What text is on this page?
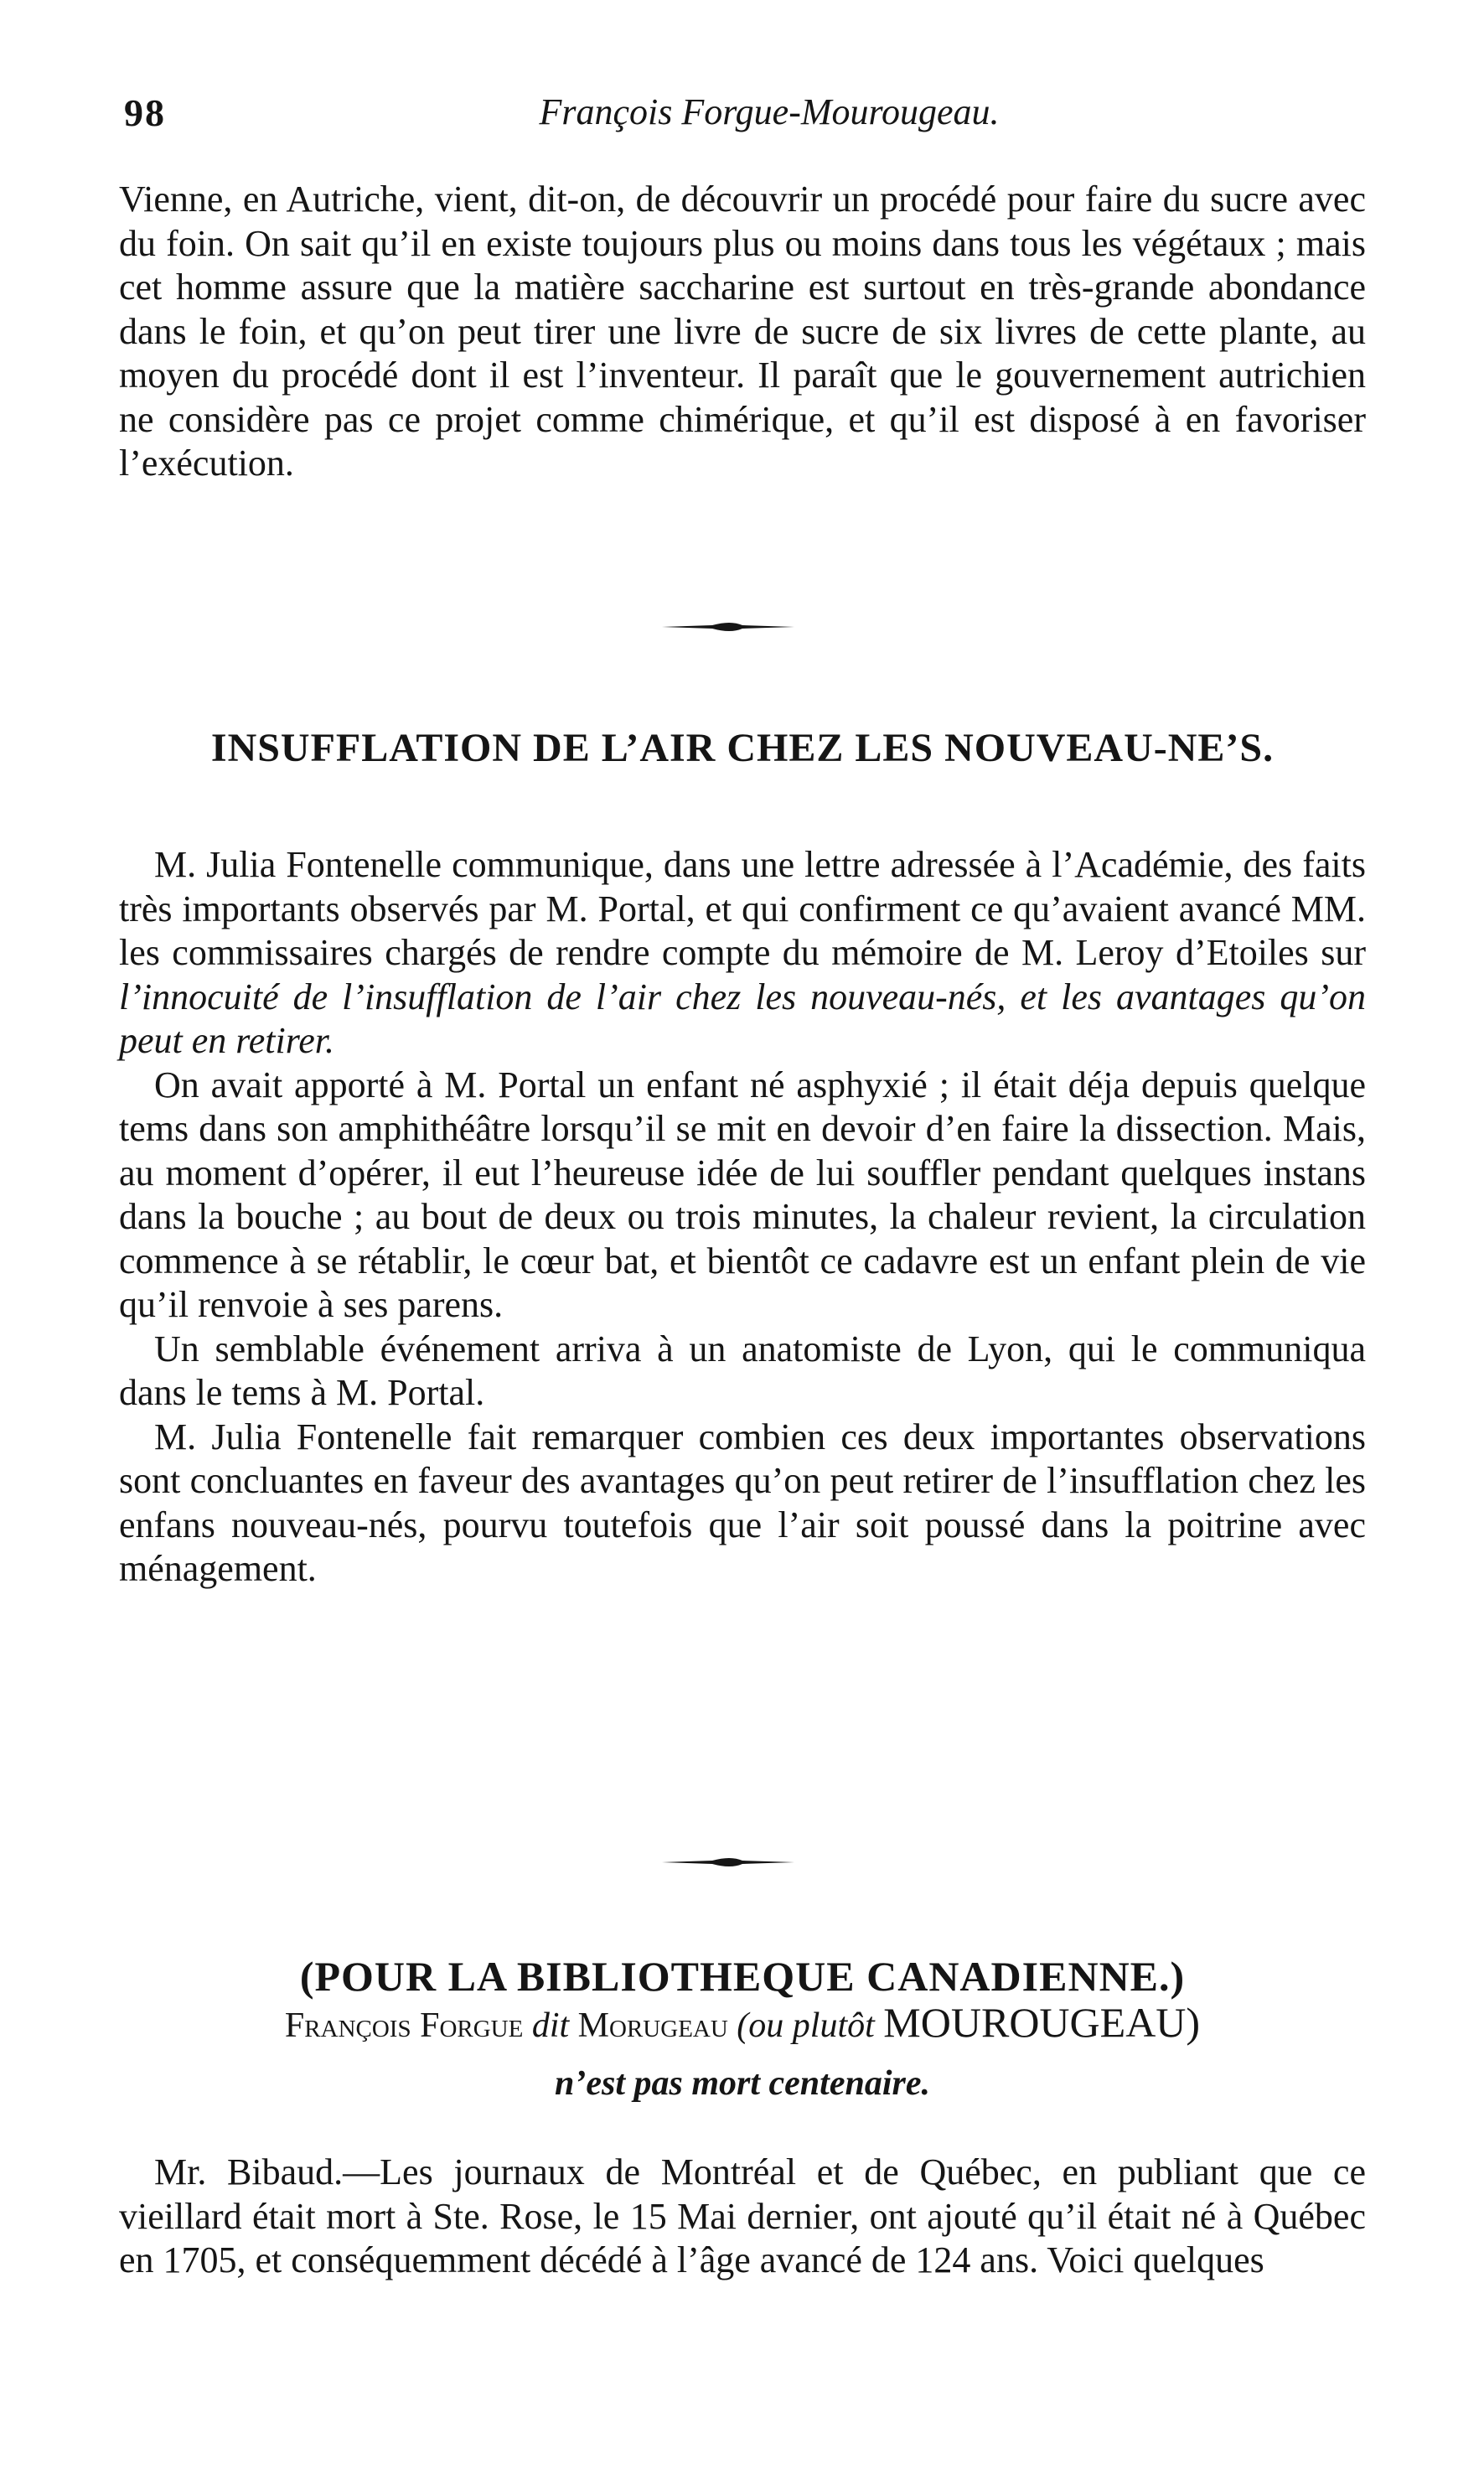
98	François Forgue-Mourougeau.

Vienne, en Autriche, vient, dit-on, de découvrir un procédé pour faire du sucre avec du foin. On sait qu’il en existe toujours plus ou moins dans tous les végétaux ; mais cet homme assure que la matière saccharine est surtout en très-grande abondance dans le foin, et qu’on peut tirer une livre de sucre de six livres de cette plante, au moyen du procédé dont il est l’inventeur. Il paraît que le gouvernement autrichien ne considère pas ce projet comme chimérique, et qu’il est disposé à en favoriser l’exécution.

INSUFFLATION DE L’AIR CHEZ LES NOUVEAU-NE’S.

M. Julia Fontenelle communique, dans une lettre adressée à l’Académie, des faits très importants observés par M. Portal, et qui confirment ce qu’avaient avancé MM. les commissaires chargés de rendre compte du mémoire de M. Leroy d’Etoiles sur l’innocuité de l’insufflation de l’air chez les nouveau-nés, et les avantages qu’on peut en retirer.

On avait apporté à M. Portal un enfant né asphyxié ; il était déja depuis quelque tems dans son amphithéâtre lorsqu’il se mit en devoir d’en faire la dissection. Mais, au moment d’opérer, il eut l’heureuse idée de lui souffler pendant quelques instans dans la bouche ; au bout de deux ou trois minutes, la chaleur revient, la circulation commence à se rétablir, le cœur bat, et bientôt ce cadavre est un enfant plein de vie qu’il renvoie à ses parens.

Un semblable événement arriva à un anatomiste de Lyon, qui le communiqua dans le tems à M. Portal.

M. Julia Fontenelle fait remarquer combien ces deux importantes observations sont concluantes en faveur des avantages qu’on peut retirer de l’insufflation chez les enfans nouveau-nés, pourvu toutefois que l’air soit poussé dans la poitrine avec ménagement.

(POUR LA BIBLIOTHEQUE CANADIENNE.)
François Forgue dit Morugeau (ou plutôt MOUROUGEAU)
n’est pas mort centenaire.

Mr. Bibaud.—Les journaux de Montréal et de Québec, en publiant que ce vieillard était mort à Ste. Rose, le 15 Mai dernier, ont ajouté qu’il était né à Québec en 1705, et conséquemment décédé à l’âge avancé de 124 ans. Voici quelques
